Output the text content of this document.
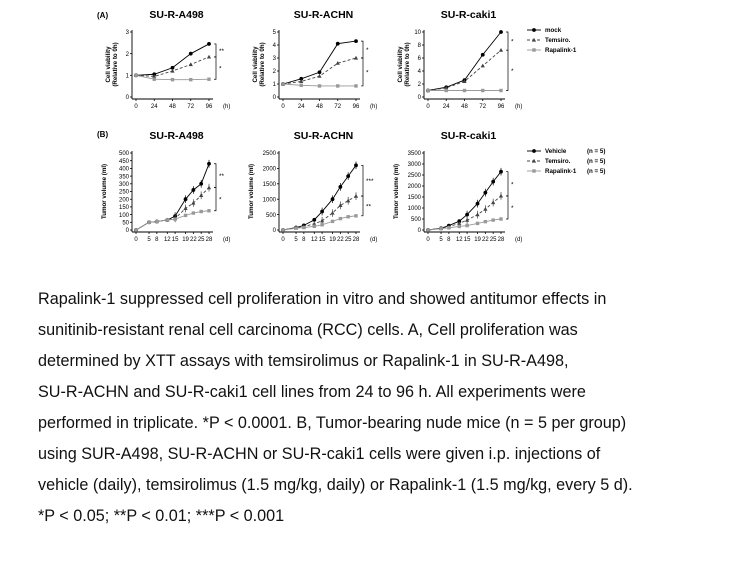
(A)
(B)
SU-R-A498
0
1
2
3
0 24 48 72 96 (h)
Cell viability(Relative to 0h)	**
*
SU-R-ACHN
0
1
2
3
4
5
0 24 48 72 96 (h)
Cell viability(Relative to 0h)	*
*
SU-R-caki1
0
2
4
6
8
10
0 24 48 72 96 (h)
Cell viability(Relative to 0h)
*
*
mock
Temsiro.
Rapalink-1
SU-R-A498
0
50
100
150
200
250
300
350
400
450
500
0 5 8 12 15 19 22 25 28 (d)
Tumor volume (ml)	**
*
SU-R-ACHN
0
500
1000
1500
2000
2500
0 5 8 12 15 19 22 25 28 (d)
Tumor volume (ml)	***
**
SU-R-caki1
0
500
1000
1500
2000
2500
3000
3500
0 5 8 12 15 19 22 25 28 (d)
Tumor volume (ml)	*
*
Vehicle	(n = 5)
Temsiro.	(n = 5)
Rapalink-1 (n = 5)

Rapalink-1 suppressed cell proliferation in vitro and showed antitumor effects in

sunitinib-resistant renal cell carcinoma (RCC) cells. A, Cell proliferation was

determined by XTT assays with temsirolimus or Rapalink-1 in SU-R-A498,

SU-R-ACHN and SU-R-caki1 cell lines from 24 to 96 h. All experiments were

performed in triplicate. *P < 0.0001. B, Tumor-bearing nude mice (n = 5 per group)

using SUR-A498, SU-R-ACHN or SU-R-caki1 cells were given i.p. injections of

vehicle (daily), temsirolimus (1.5 mg/kg, daily) or Rapalink-1 (1.5 mg/kg, every 5 d).

*P < 0.05; **P < 0.01; ***P < 0.001
